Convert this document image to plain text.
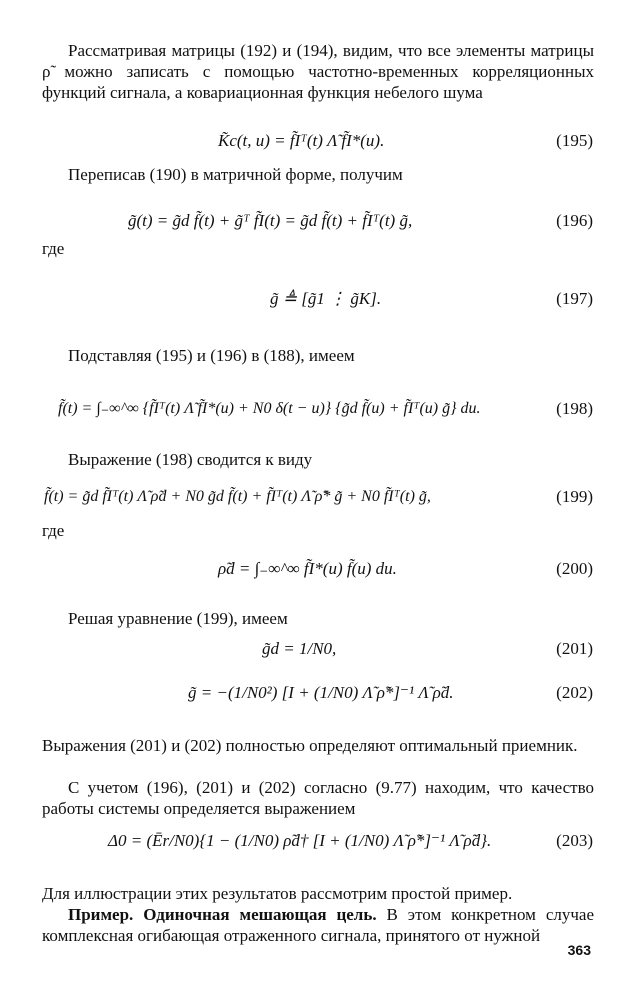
Рассматривая матрицы (192) и (194), видим, что все элементы матрицы ρ̃ можно записать с помощью частотно-временных корреляционных функций сигнала, а ковариационная функция небелого шума
K̃c(t, u) = f̃Iᵀ(t) Λ̃ f̃I*(u).	(195)
Переписав (190) в матричной форме, получим
g̃(t) = g̃d f̃(t) + g̃ᵀ f̃I(t) = g̃d f̃(t) + f̃Iᵀ(t) g̃,	(196)
где
g̃ ≜ [g̃1 ⋮ g̃K].	(197)
Подставляя (195) и (196) в (188), имеем
f̃(t) = ∫₋∞^∞ {f̃Iᵀ(t) Λ̃ f̃I*(u) + N0 δ(t − u)} {g̃d f̃(u) + f̃Iᵀ(u) g̃} du.	(198)
Выражение (198) сводится к виду
f̃(t) = g̃d f̃Iᵀ(t) Λ̃ ρ̃d + N0 g̃d f̃(t) + f̃Iᵀ(t) Λ̃ ρ̃* g̃ + N0 f̃Iᵀ(t) g̃,	(199)
где
ρ̃d = ∫₋∞^∞ f̃I*(u) f̃(u) du.	(200)
Решая уравнение (199), имеем
g̃d = 1/N0,	(201)
g̃ = −(1/N0²) [I + (1/N0) Λ̃ ρ̃*]⁻¹ Λ̃ ρ̃d.	(202)
Выражения (201) и (202) полностью определяют оптимальный приемник.
С учетом (196), (201) и (202) согласно (9.77) находим, что качество работы системы определяется выражением
Δ0 = (Ēr/N0){1 − (1/N0) ρ̃d† [I + (1/N0) Λ̃ ρ̃*]⁻¹ Λ̃ ρ̃d}.	(203)
Для иллюстрации этих результатов рассмотрим простой пример.
Пример. Одиночная мешающая цель. В этом конкретном случае комплексная огибающая отраженного сигнала, принятого от нужной
363
